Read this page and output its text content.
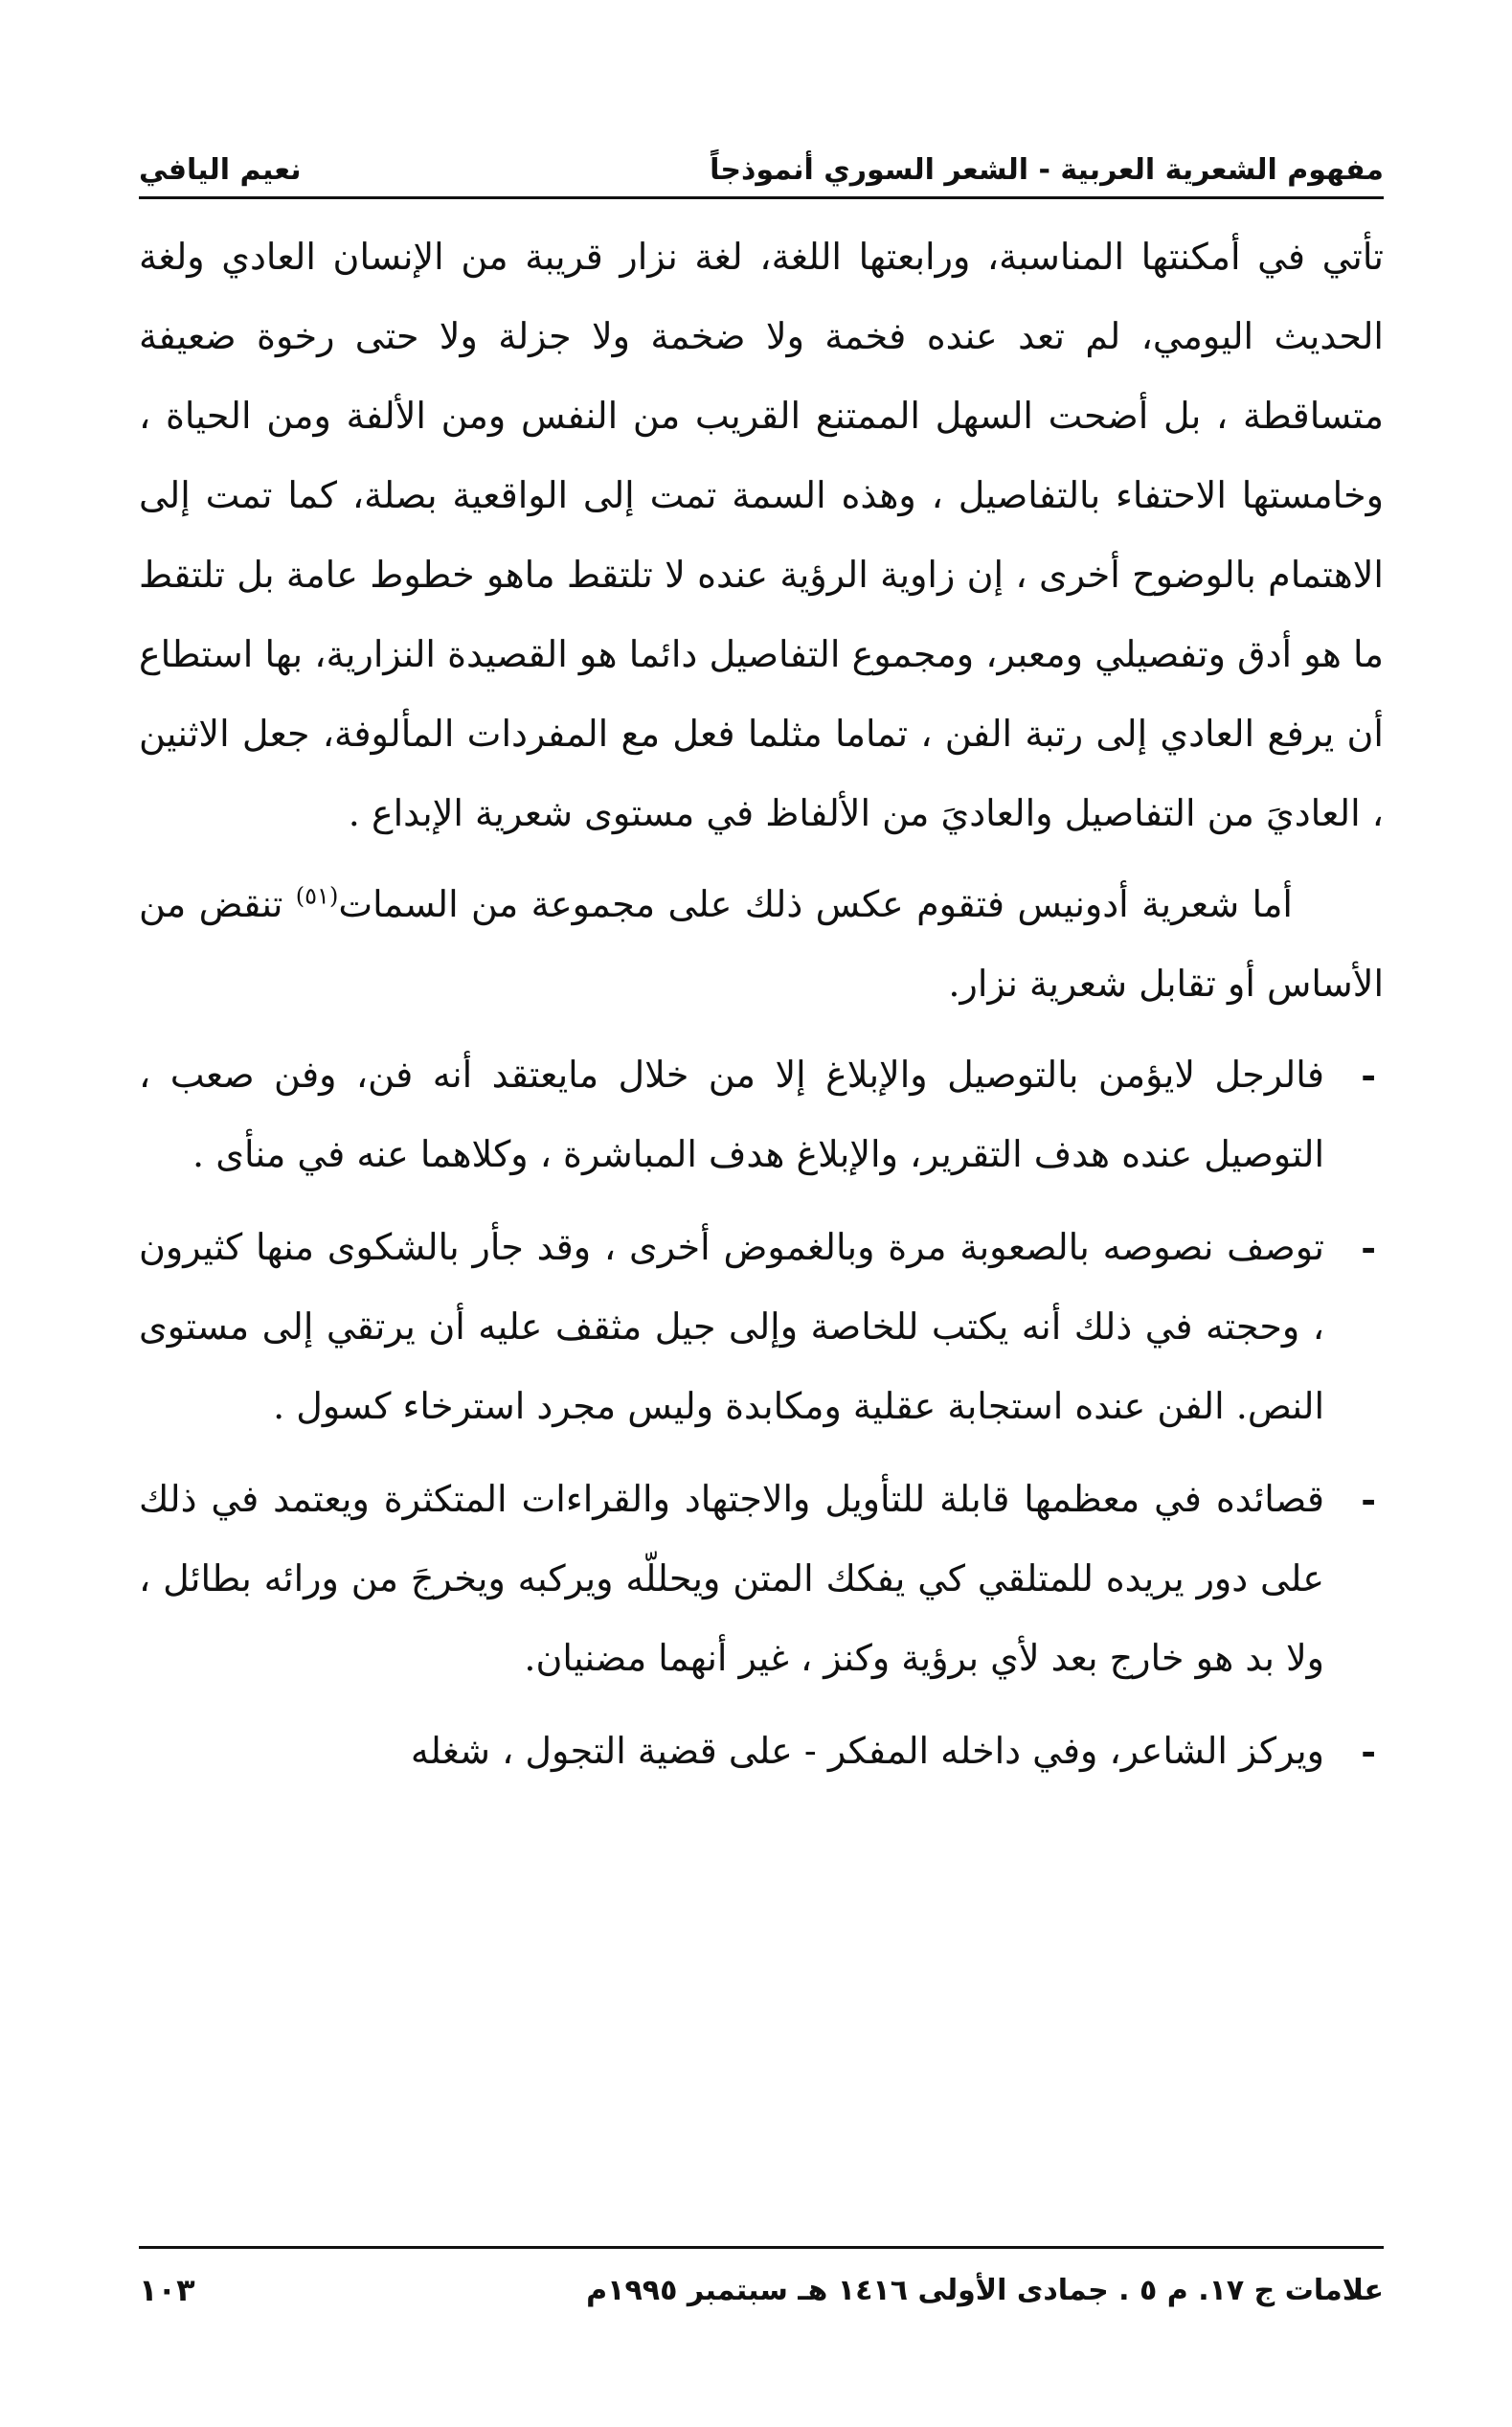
مفهوم الشعرية العربية - الشعر السوري أنموذجاً
نعيم اليافي

تأتي في أمكنتها المناسبة، ورابعتها اللغة، لغة نزار قريبة من الإنسان العادي ولغة الحديث اليومي، لم تعد عنده فخمة ولا ضخمة ولا جزلة ولا حتى رخوة ضعيفة متساقطة ، بل أضحت السهل الممتنع القريب من النفس ومن الألفة ومن الحياة ، وخامستها الاحتفاء بالتفاصيل ، وهذه السمة تمت إلى الواقعية بصلة، كما تمت إلى الاهتمام بالوضوح أخرى ، إن زاوية الرؤية عنده لا تلتقط ماهو خطوط عامة بل تلتقط ما هو أدق وتفصيلي ومعبر، ومجموع التفاصيل دائما هو القصيدة النزارية، بها استطاع أن يرفع العادي إلى رتبة الفن ، تماما مثلما فعل مع المفردات المألوفة، جعل الاثنين ، العاديَ من التفاصيل والعاديَ من الألفاظ في مستوى شعرية الإبداع .

أما شعرية أدونيس فتقوم عكس ذلك على مجموعة من السمات$^{(٥١)}$ تنقض من الأساس أو تقابل شعرية نزار.

-
فالرجل لايؤمن بالتوصيل والإبلاغ إلا من خلال مايعتقد أنه فن، وفن صعب ، التوصيل عنده هدف التقرير، والإبلاغ هدف المباشرة ، وكلاهما عنه في منأى .
-
توصف نصوصه بالصعوبة مرة وبالغموض أخرى ، وقد جأر بالشكوى منها كثيرون ، وحجته في ذلك أنه يكتب للخاصة وإلى جيل مثقف عليه أن يرتقي إلى مستوى النص. الفن عنده استجابة عقلية ومكابدة وليس مجرد استرخاء كسول .
-
قصائده في معظمها قابلة للتأويل والاجتهاد والقراءات المتكثرة ويعتمد في ذلك على دور يريده للمتلقي كي يفكك المتن ويحللّه ويركبه ويخرجَ من ورائه بطائل ، ولا بد هو خارج بعد لأي برؤية وكنز ، غير أنهما مضنيان.
-
ويركز الشاعر، وفي داخله المفكر - على قضية التجول ، شغله
علامات ج ١٧. م ٥ . جمادى الأولى ١٤١٦ هـ سبتمبر ١٩٩٥م
١٠٣
